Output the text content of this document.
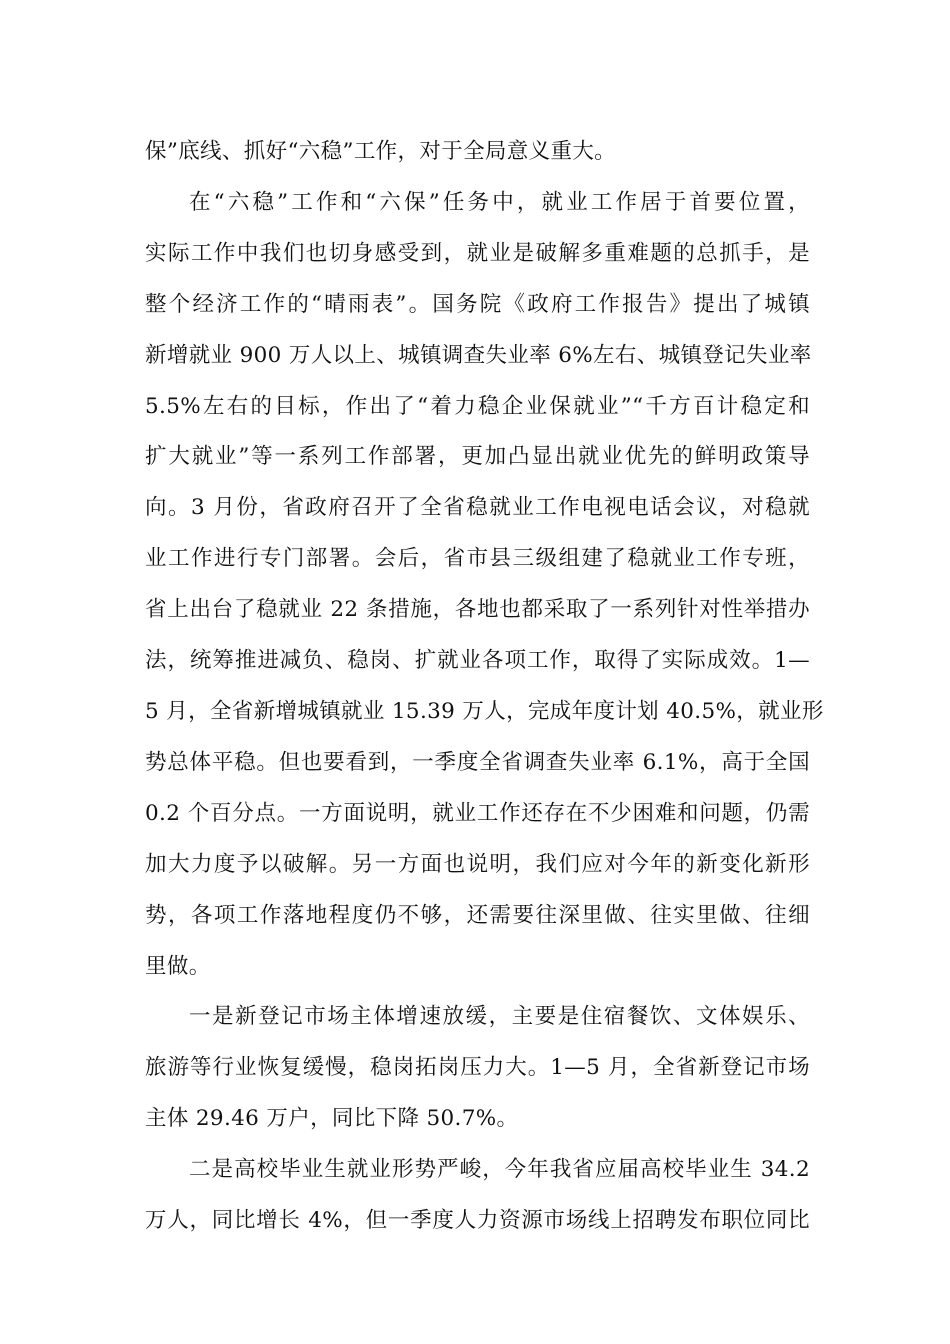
保”底线、抓好“六稳”工作，对于全局意义重大。
在“六稳”工作和“六保”任务中，就业工作居于首要位置，
实际工作中我们也切身感受到，就业是破解多重难题的总抓手，是
整个经济工作的“晴雨表”。国务院《政府工作报告》提出了城镇
新增就业 900 万人以上、城镇调查失业率 6%左右、城镇登记失业率
5.5%左右的目标，作出了“着力稳企业保就业”“千方百计稳定和
扩大就业”等一系列工作部署，更加凸显出就业优先的鲜明政策导
向。3 月份，省政府召开了全省稳就业工作电视电话会议，对稳就
业工作进行专门部署。会后，省市县三级组建了稳就业工作专班，
省上出台了稳就业 22 条措施，各地也都采取了一系列针对性举措办
法，统筹推进减负、稳岗、扩就业各项工作，取得了实际成效。1—
5 月，全省新增城镇就业 15.39 万人，完成年度计划 40.5%，就业形
势总体平稳。但也要看到，一季度全省调查失业率 6.1%，高于全国
0.2 个百分点。一方面说明，就业工作还存在不少困难和问题，仍需
加大力度予以破解。另一方面也说明，我们应对今年的新变化新形
势，各项工作落地程度仍不够，还需要往深里做、往实里做、往细
里做。
一是新登记市场主体增速放缓，主要是住宿餐饮、文体娱乐、
旅游等行业恢复缓慢，稳岗拓岗压力大。1—5 月，全省新登记市场
主体 29.46 万户，同比下降 50.7%。
二是高校毕业生就业形势严峻，今年我省应届高校毕业生 34.2
万人，同比增长 4%，但一季度人力资源市场线上招聘发布职位同比
